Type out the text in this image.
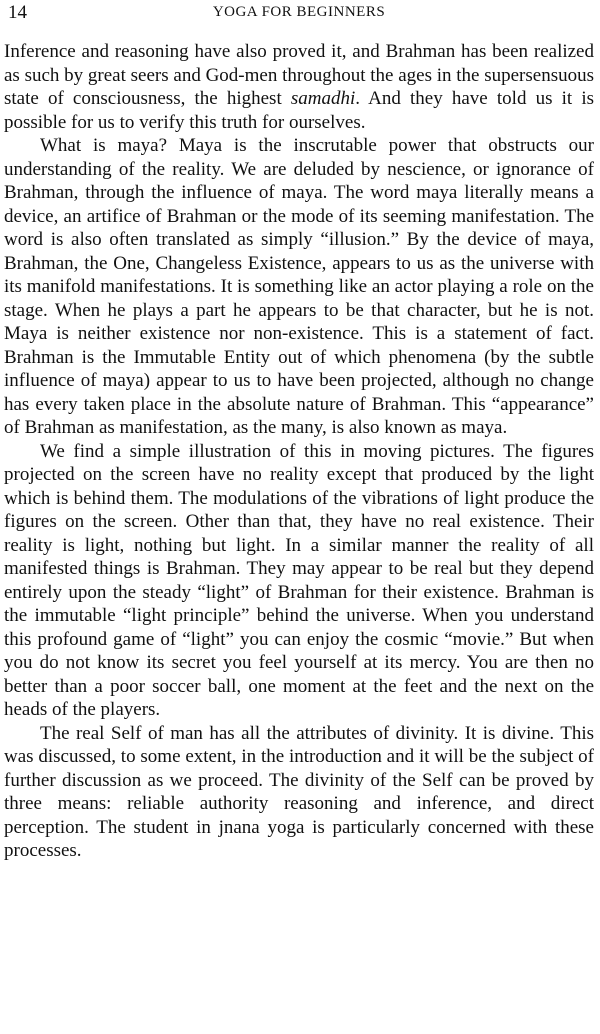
14	YOGA FOR BEGINNERS

Inference and reasoning have also proved it, and Brahman has been realized as such by great seers and God-men throughout the ages in the supersensuous state of consciousness, the highest samadhi. And they have told us it is possible for us to verify this truth for ourselves.

What is maya? Maya is the inscrutable power that obstructs our understanding of the reality. We are deluded by nescience, or ignorance of Brahman, through the influence of maya. The word maya literally means a device, an artifice of Brahman or the mode of its seeming manifestation. The word is also often translated as simply “illusion.” By the device of maya, Brahman, the One, Changeless Existence, appears to us as the universe with its manifold manifestations. It is something like an actor playing a role on the stage. When he plays a part he appears to be that character, but he is not. Maya is neither existence nor non-existence. This is a statement of fact. Brahman is the Immutable Entity out of which phenomena (by the subtle influence of maya) appear to us to have been projected, although no change has every taken place in the absolute nature of Brahman. This “appearance” of Brahman as manifestation, as the many, is also known as maya.

We find a simple illustration of this in moving pictures. The figures projected on the screen have no reality except that produced by the light which is behind them. The modulations of the vibrations of light produce the figures on the screen. Other than that, they have no real existence. Their reality is light, nothing but light. In a similar manner the reality of all manifested things is Brahman. They may appear to be real but they depend entirely upon the steady “light” of Brahman for their existence. Brahman is the immutable “light principle” behind the universe. When you understand this profound game of “light” you can enjoy the cosmic “movie.” But when you do not know its secret you feel yourself at its mercy. You are then no better than a poor soccer ball, one moment at the feet and the next on the heads of the players.

The real Self of man has all the attributes of divinity. It is divine. This was discussed, to some extent, in the introduction and it will be the subject of further discussion as we proceed. The divinity of the Self can be proved by three means: reliable authority reasoning and inference, and direct perception. The student in jnana yoga is particularly concerned with these processes.
